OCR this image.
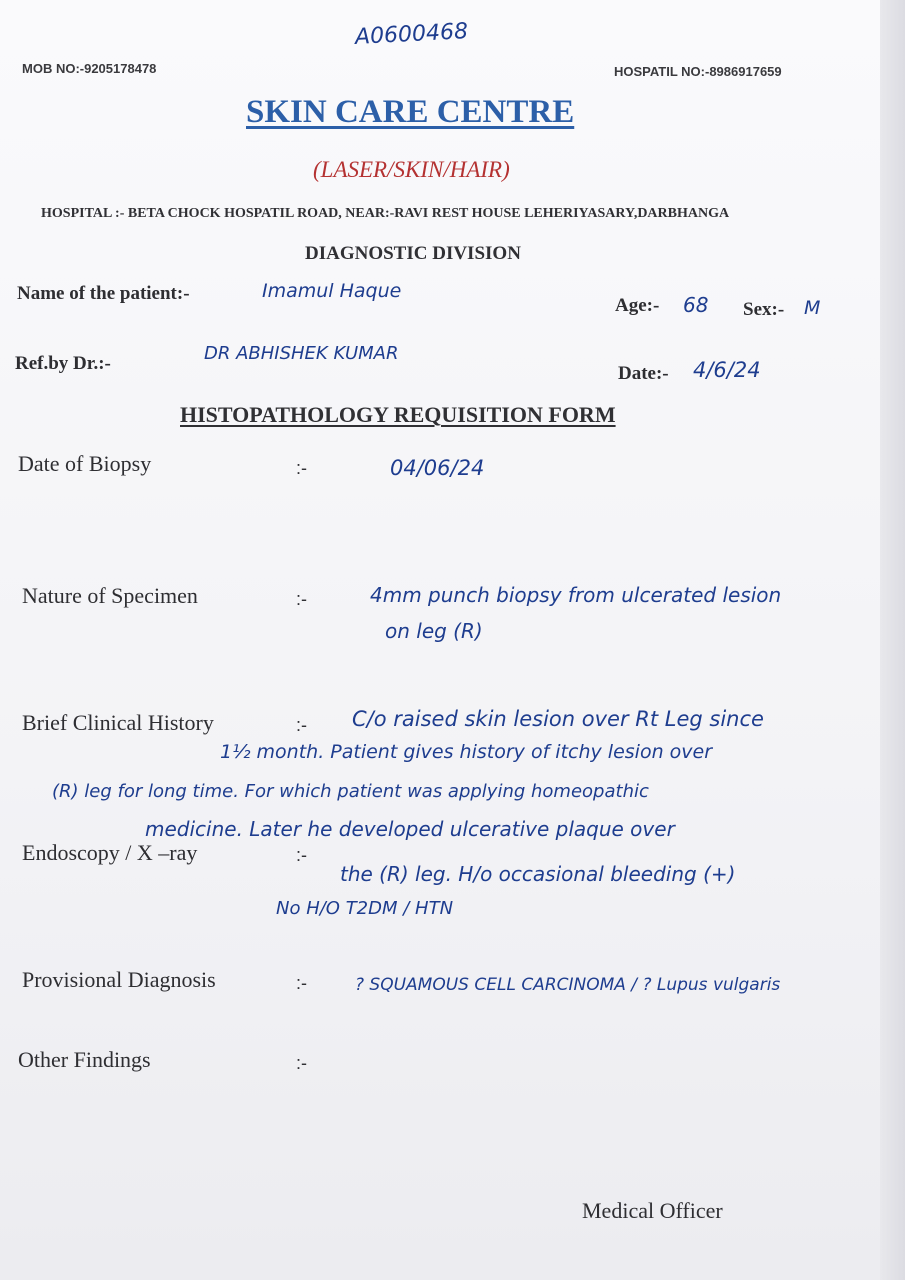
A0600468
MOB NO:-9205178478	HOSPATIL NO:-8986917659
SKIN CARE CENTRE
(LASER/SKIN/HAIR)
HOSPITAL :- BETA CHOCK HOSPATIL ROAD, NEAR:-RAVI REST HOUSE LEHERIYASARY,DARBHANGA
DIAGNOSTIC DIVISION
Name of the patient:-	Imamul Haque
Age:- 68 Sex:- M
Ref.by Dr.:-	DR ABHISHEK KUMAR
Date:- 4/6/24
HISTOPATHOLOGY REQUISITION FORM
Date of Biopsy	:-	04/06/24
Nature of Specimen	:-	4mm punch biopsy from ulcerated lesion
on leg (R)
Brief Clinical History	:- C/o raised skin lesion over Rt Leg since
1½ month. Patient gives history of itchy lesion over
(R) leg for long time. For which patient was applying homeopathic
medicine. Later he developed ulcerative plaque over
Endoscopy / X –ray	:-
the (R) leg. H/o occasional bleeding (+)
No H/O T2DM / HTN
Provisional Diagnosis	:-	? SQUAMOUS CELL CARCINOMA / ? Lupus vulgaris
Other Findings	:-
Medical Officer
